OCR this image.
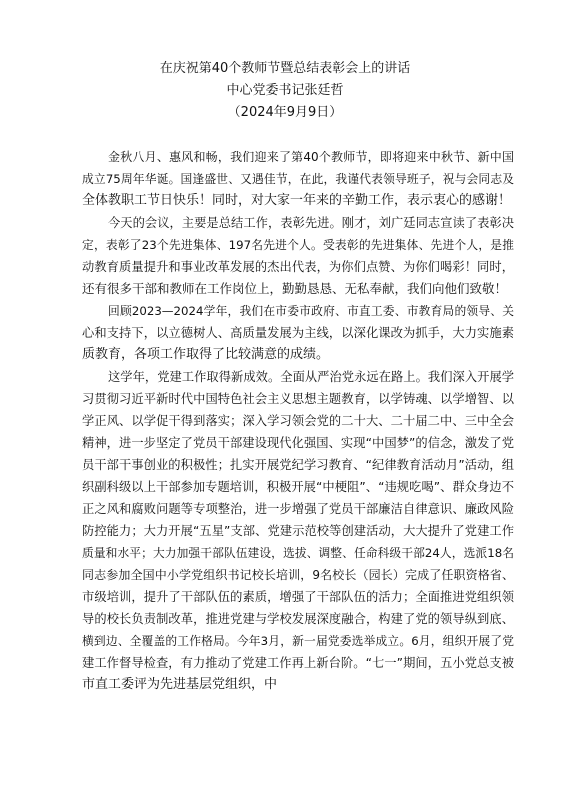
在庆祝第40个教师节暨总结表彰会上的讲话
中心党委书记张廷哲
（2024年9月9日）
金秋八月、惠风和畅，我们迎来了第40个教师节，即将迎来中秋节、新中国
成立75周年华诞。国逢盛世、又遇佳节，在此，我谨代表领导班子，祝与会同志及
全体教职工节日快乐！同时，对大家一年来的辛勤工作，表示衷心的感谢！
今天的会议，主要是总结工作，表彰先进。刚才，刘广廷同志宣读了表彰决
定，表彰了23个先进集体、197名先进个人。受表彰的先进集体、先进个人，是推
动教育质量提升和事业改革发展的杰出代表，为你们点赞、为你们喝彩！同时，
还有很多干部和教师在工作岗位上，勤勤恳恳、无私奉献，我们向他们致敬！
回顾2023—2024学年，我们在市委市政府、市直工委、市教育局的领导、关
心和支持下，以立德树人、高质量发展为主线，以深化课改为抓手，大力实施素
质教育，各项工作取得了比较满意的成绩。
这学年，党建工作取得新成效。全面从严治党永远在路上。我们深入开展学
习贯彻习近平新时代中国特色社会主义思想主题教育，以学铸魂、以学增智、以
学正风、以学促干得到落实；深入学习领会党的二十大、二十届二中、三中全会
精神，进一步坚定了党员干部建设现代化强国、实现“中国梦”的信念，激发了党
员干部干事创业的积极性；扎实开展党纪学习教育、“纪律教育活动月”活动，组
织副科级以上干部参加专题培训，积极开展“中梗阻”、“违规吃喝”、群众身边不
正之风和腐败问题等专项整治，进一步增强了党员干部廉洁自律意识、廉政风险
防控能力；大力开展“五星”支部、党建示范校等创建活动，大大提升了党建工作
质量和水平；大力加强干部队伍建设，选拔、调整、任命科级干部24人，选派18名
同志参加全国中小学党组织书记校长培训，9名校长（园长）完成了任职资格省、
市级培训，提升了干部队伍的素质，增强了干部队伍的活力；全面推进党组织领
导的校长负责制改革，推进党建与学校发展深度融合，构建了党的领导纵到底、
横到边、全覆盖的工作格局。今年3月，新一届党委选举成立。6月，组织开展了党
建工作督导检查，有力推动了党建工作再上新台阶。“七一”期间，五小党总支被
市直工委评为先进基层党组织，中
